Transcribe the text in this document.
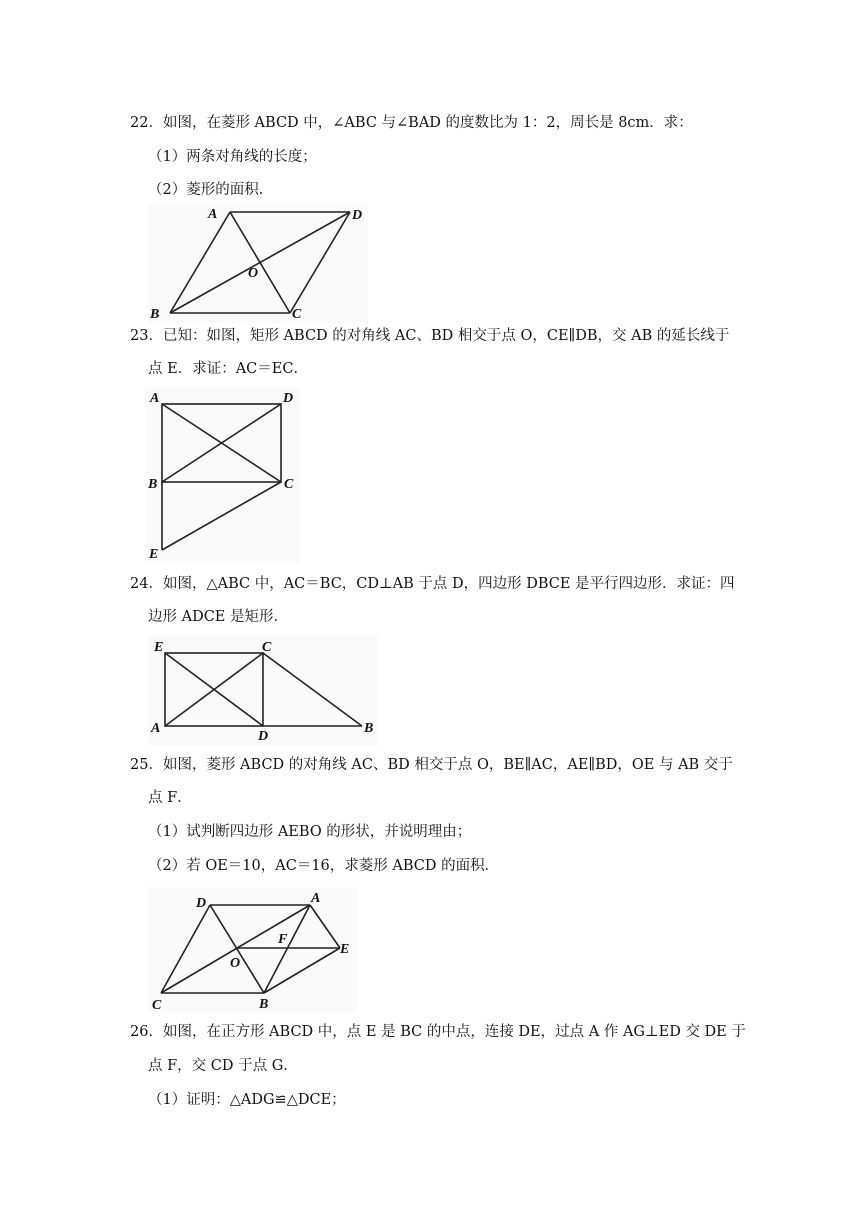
22．如图，在菱形 ABCD 中，∠ABC 与∠BAD 的度数比为 1：2，周长是 8cm．求：
（1）两条对角线的长度；
（2）菱形的面积．
A	D
O
B	C
23．已知：如图，矩形 ABCD 的对角线 AC、BD 相交于点 O，CE∥DB，交 AB 的延长线于
点 E．求证：AC＝EC．
A	D
B	C
E
24．如图，△ABC 中，AC＝BC，CD⊥AB 于点 D，四边形 DBCE 是平行四边形．求证：四
边形 ADCE 是矩形．
E	C
A
D
B
25．如图，菱形 ABCD 的对角线 AC、BD 相交于点 O，BE∥AC，AE∥BD，OE 与 AB 交于
点 F．
（1）试判断四边形 AEBO 的形状，并说明理由；
（2）若 OE＝10，AC＝16，求菱形 ABCD 的面积．
D	A
F
E
O
C	B
26．如图，在正方形 ABCD 中，点 E 是 BC 的中点，连接 DE，过点 A 作 AG⊥ED 交 DE 于
点 F，交 CD 于点 G．
（1）证明：△ADG≌△DCE；
